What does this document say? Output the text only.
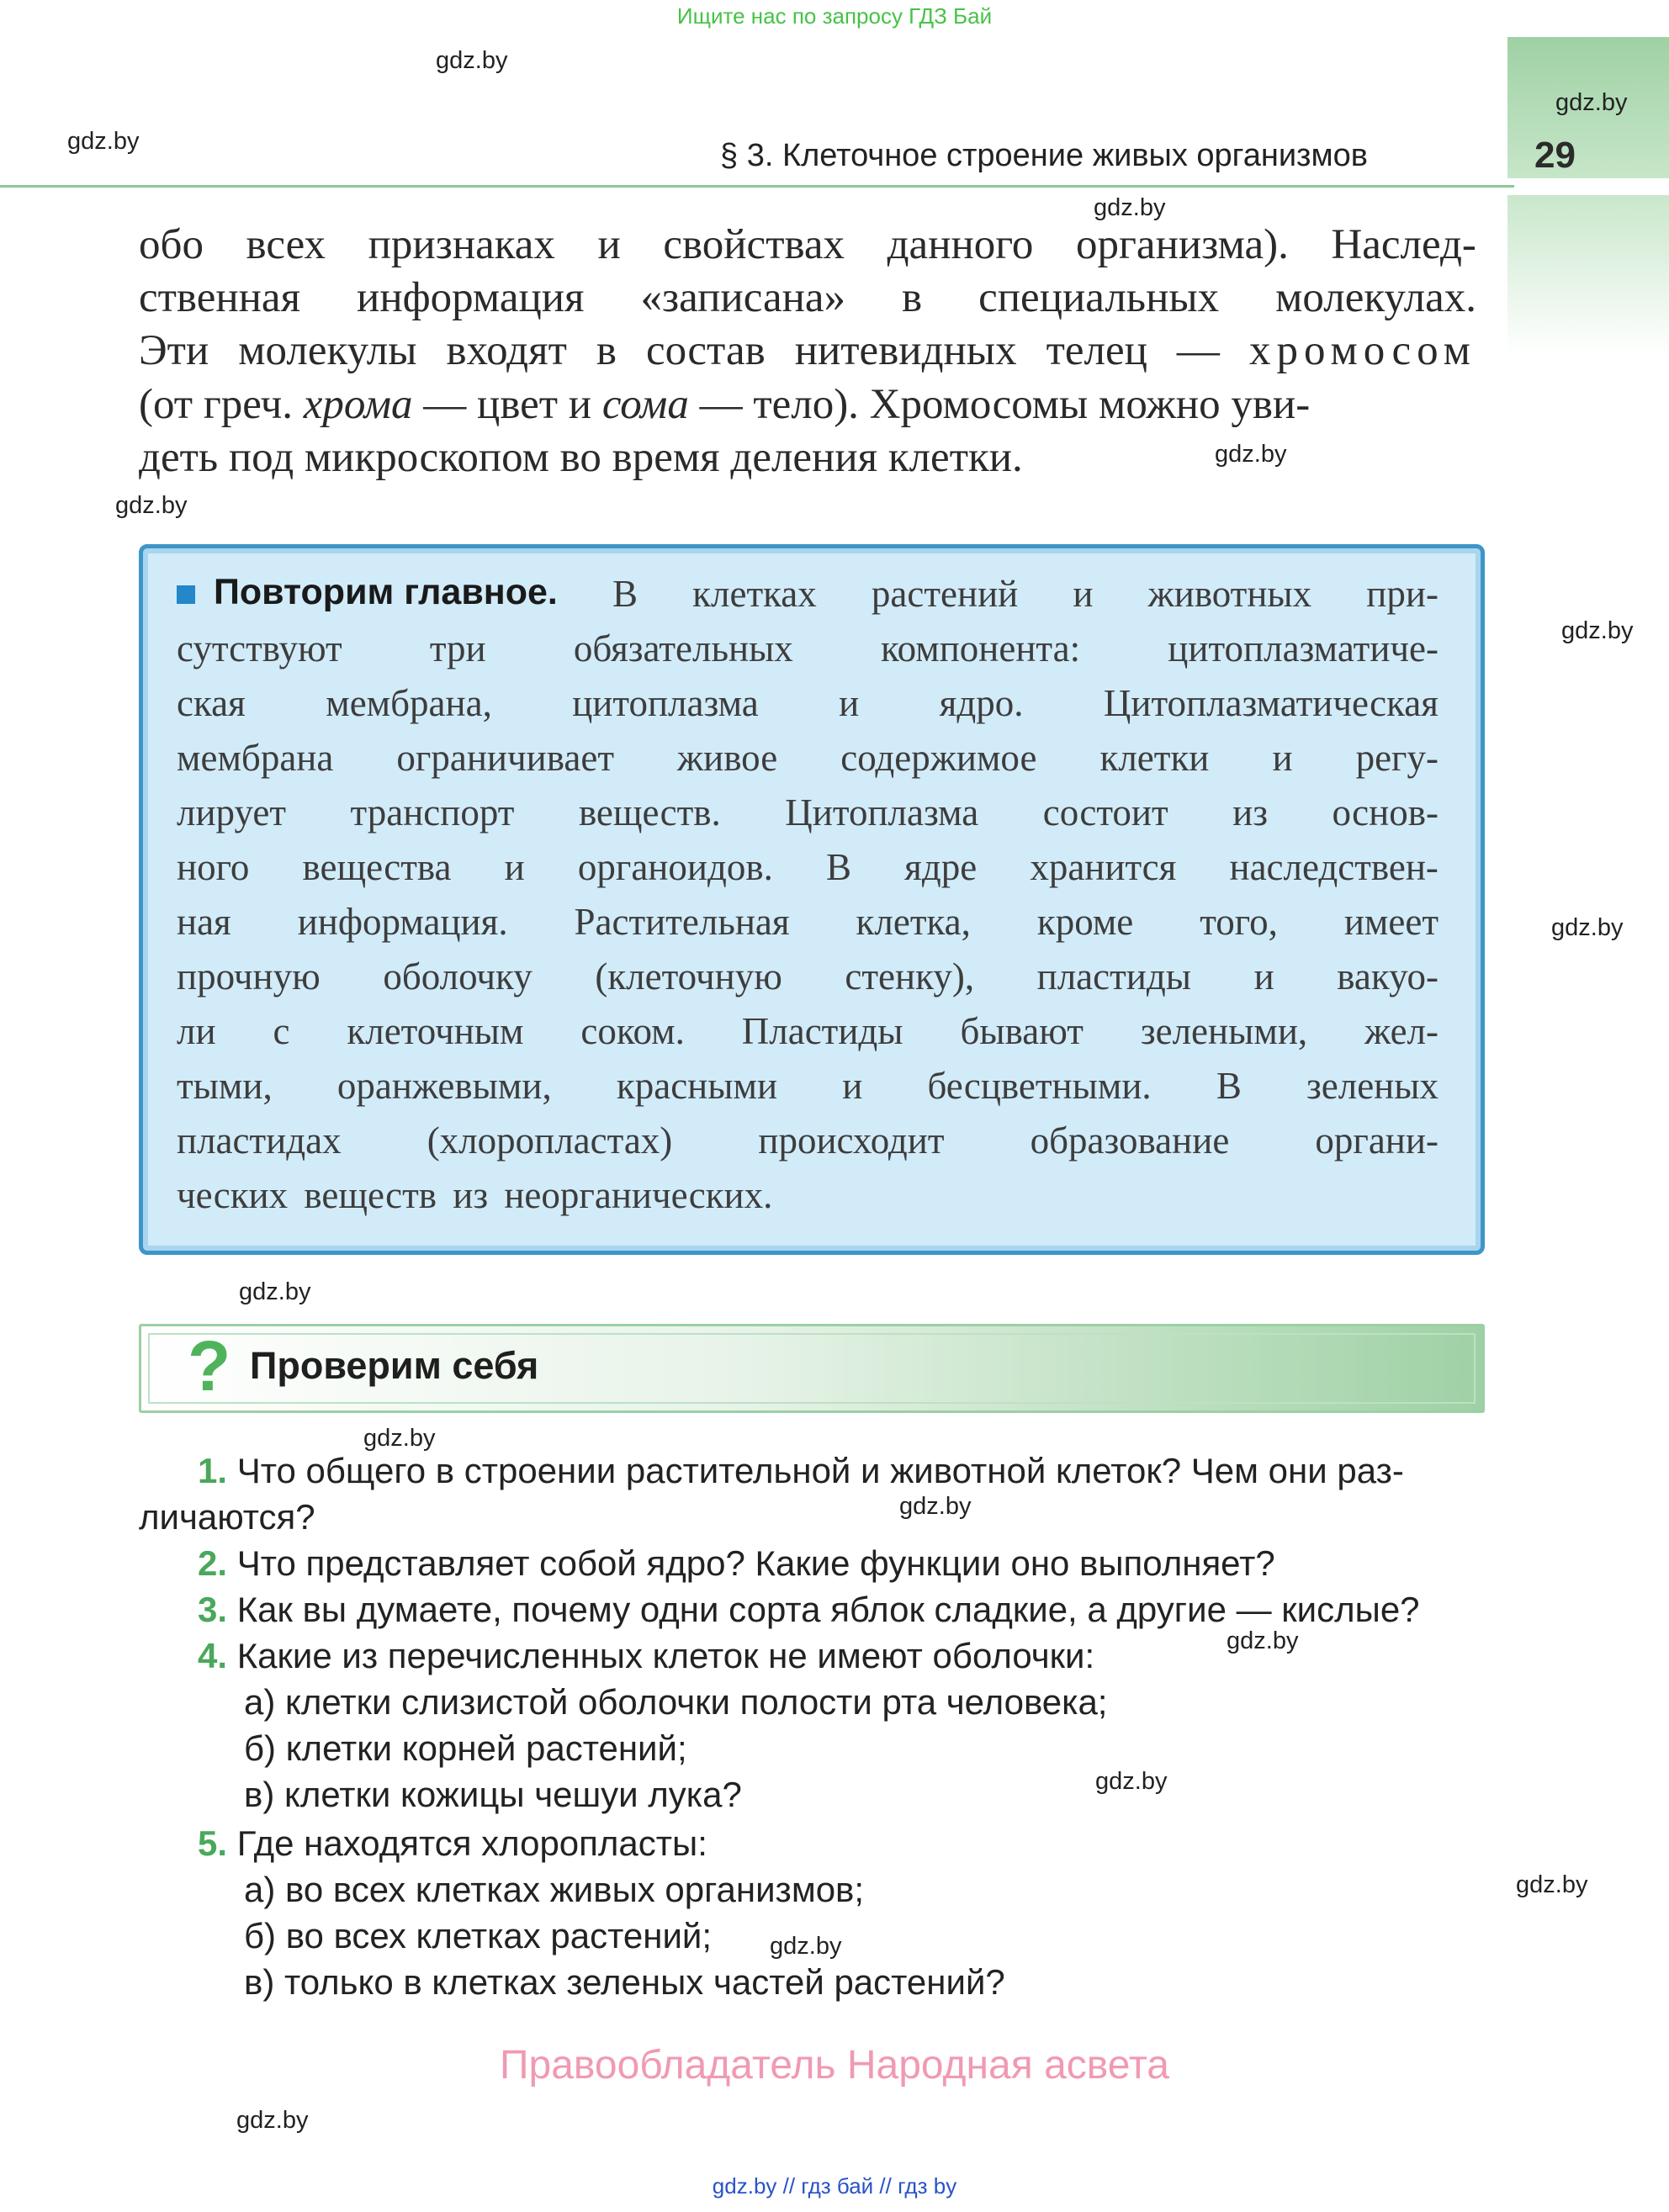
Ищите нас по запросу ГДЗ Бай
§ 3. Клеточное строение живых организмов	29
gdz.by
gdz.by
gdz.by
gdz.by
gdz.by
gdz.by
gdz.by
gdz.by
gdz.by
gdz.by
gdz.by
gdz.by
gdz.by
gdz.by
gdz.by
gdz.by
обо всех признаках и свойствах данного организма). Наслед-
ственная информация «записана» в специальных молекулах.
Эти молекулы входят в состав нитевидных телец — хромосом
(от греч. хрома — цвет и сома — тело). Хромосомы можно уви-
деть под микроскопом во время деления клетки.
Повторим главное. В клетках растений и животных при-
сутствуют три обязательных компонента: цитоплазматиче-
ская мембрана, цитоплазма и ядро. Цитоплазматическая
мембрана ограничивает живое содержимое клетки и регу-
лирует транспорт веществ. Цитоплазма состоит из основ-
ного вещества и органоидов. В ядре хранится наследствен-
ная информация. Растительная клетка, кроме того, имеет
прочную оболочку (клеточную стенку), пластиды и вакуо-
ли с клеточным соком. Пластиды бывают зелеными, жел-
тыми, оранжевыми, красными и бесцветными. В зеленых
пластидах (хлоропластах) происходит образование органи-
ческих веществ из неорганических.
? Проверим себя
1. Что общего в строении растительной и животной клеток? Чем они раз-
личаются?
2. Что представляет собой ядро? Какие функции оно выполняет?
3. Как вы думаете, почему одни сорта яблок сладкие, а другие — кислые?
4. Какие из перечисленных клеток не имеют оболочки:
а) клетки слизистой оболочки полости рта человека;
б) клетки корней растений;
в) клетки кожицы чешуи лука?
5. Где находятся хлоропласты:
а) во всех клетках живых организмов;
б) во всех клетках растений;
в) только в клетках зеленых частей растений?
Правообладатель Народная асвета
gdz.by // гдз бай // гдз by
